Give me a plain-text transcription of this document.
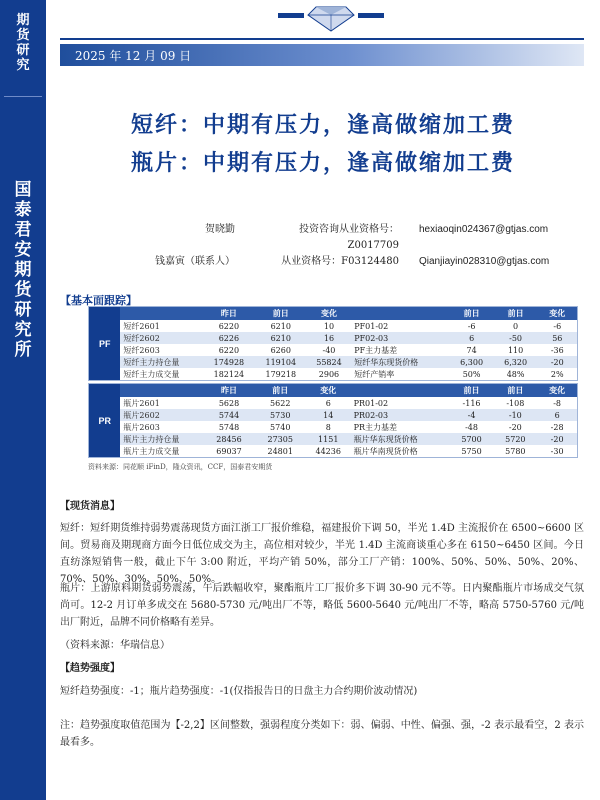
期
货
研
究
国
泰
君
安
期
货
研
究
所
2025 年 12 月 09 日
短纤：中期有压力，逢高做缩加工费
瓶片：中期有压力，逢高做缩加工费
贺晓勤	投资咨询从业资格号：Z0017709
hexiaoqin024367@gtjas.com
钱嘉寅（联系人）	从业资格号：F03124480 Qianjiayin028310@gtjas.com
【基本面跟踪】
PF
	昨日	前日	变化		前日	前日	变化
短纤2601	6220	6210	10	PF01-02	-6	0	-6
短纤2602	6226	6210	16	PF02-03	6	-50	56
短纤2603	6220	6260	-40	PF主力基差	74	110	-36
短纤主力持仓量	174928	119104	55824	短纤华东现货价格	6,300	6,320	-20
短纤主力成交量	182124	179218	2906	短纤产销率	50%	48%	2%
PR
	昨日	前日	变化		前日	前日	变化
瓶片2601	5628	5622	6	PR01-02	-116	-108	-8
瓶片2602	5744	5730	14	PR02-03	-4	-10	6
瓶片2603	5748	5740	8	PR主力基差	-48	-20	-28
瓶片主力持仓量	28456	27305	1151	瓶片华东现货价格	5700	5720	-20
瓶片主力成交量	69037	24801	44236	瓶片华南现货价格	5750	5780	-30
资料来源：同花顺 iFinD，隆众资讯，CCF，国泰君安期货
【现货消息】
短纤：短纤期货维持弱势震荡现货方面江浙工厂报价维稳，福建报价下调 50，半光 1.4D 主流报价在 6500~6600 区间。贸易商及期现商方面今日低位成交为主，高位相对较少，半光 1.4D 主流商谈重心多在 6150~6450 区间。今日直纺涤短销售一般，截止下午 3:00 附近，平均产销 50%，部分工厂产销：100%、50%、50%、50%、20%、70%、50%、30%、50%、50%。
瓶片：上游原料期货弱势震荡，午后跌幅收窄，聚酯瓶片工厂报价多下调 30-90 元不等。日内聚酯瓶片市场成交气氛尚可。12-2 月订单多成交在 5680-5730 元/吨出厂不等，略低 5600-5640 元/吨出厂不等，略高 5750-5760 元/吨出厂附近，品牌不同价格略有差异。
（资料来源：华瑞信息）
【趋势强度】
短纤趋势强度：-1；瓶片趋势强度：-1(仅指报告日的日盘主力合约期价波动情况)
注：趋势强度取值范围为【-2,2】区间整数，强弱程度分类如下：弱、偏弱、中性、偏强、强，-2 表示最看空，2 表示最看多。
